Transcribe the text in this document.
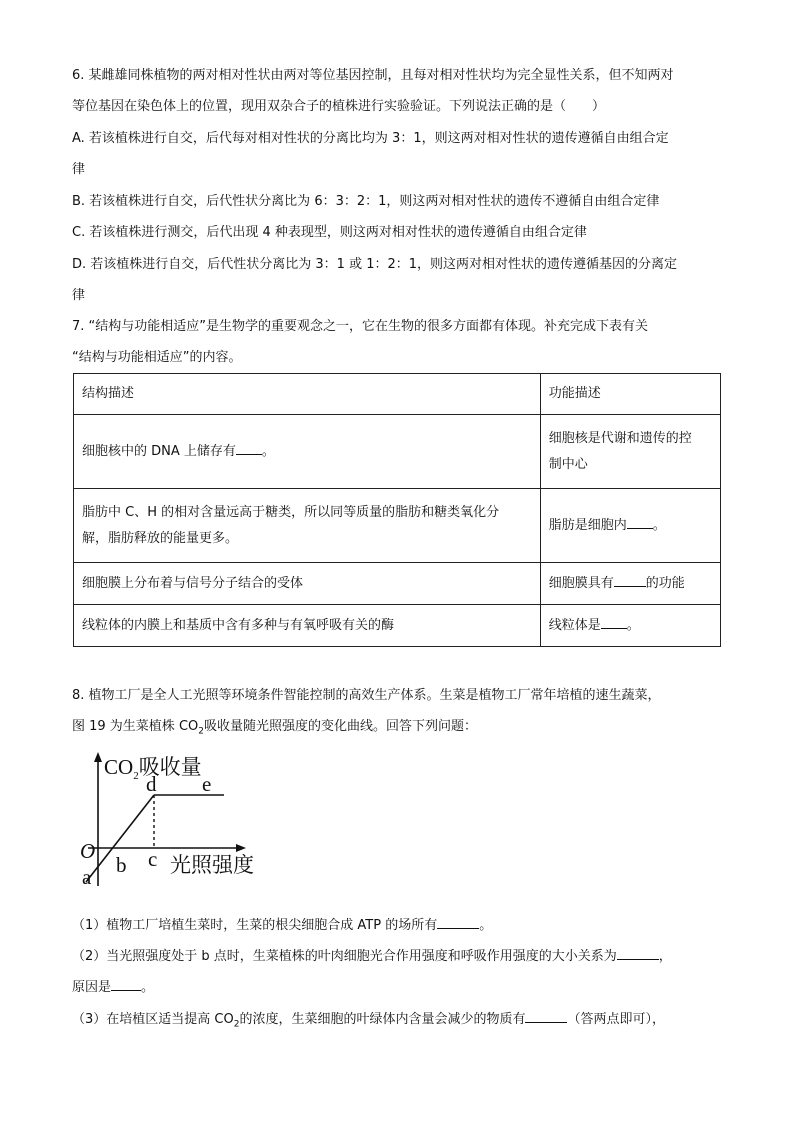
6. 某雌雄同株植物的两对相对性状由两对等位基因控制，且每对相对性状均为完全显性关系，但不知两对
等位基因在染色体上的位置，现用双杂合子的植株进行实验验证。下列说法正确的是（　　）
A. 若该植株进行自交，后代每对相对性状的分离比均为 3：1，则这两对相对性状的遗传遵循自由组合定
律
B. 若该植株进行自交，后代性状分离比为 6：3：2：1，则这两对相对性状的遗传不遵循自由组合定律
C. 若该植株进行测交，后代出现 4 种表现型，则这两对相对性状的遗传遵循自由组合定律
D. 若该植株进行自交，后代性状分离比为 3：1 或 1：2：1，则这两对相对性状的遗传遵循基因的分离定
律
7. “结构与功能相适应”是生物学的重要观念之一，它在生物的很多方面都有体现。补充完成下表有关
“结构与功能相适应”的内容。
结构描述	功能描述
细胞核中的 DNA 上储存有 。	细胞核是代谢和遗传的控
制中心

脂肪中 C、H 的相对含量远高于糖类，所以同等质量的脂肪和糖类氧化分
解，脂肪释放的能量更多。	脂肪是细胞内 。
细胞膜上分布着与信号分子结合的受体	细胞膜具有 的功能
线粒体的内膜上和基质中含有多种与有氧呼吸有关的酶	线粒体是 。
8. 植物工厂是全人工光照等环境条件智能控制的高效生产体系。生菜是植物工厂常年培植的速生蔬菜，
图 19 为生菜植株 $CO_2$吸收量随光照强度的变化曲线。回答下列问题：
$CO_2$吸收量
d e
O
a b c 光照强度
（1）植物工厂培植生菜时，生菜的根尖细胞合成 ATP 的场所有	。
（2）当光照强度处于 b 点时，生菜植株的叶肉细胞光合作用强度和呼吸作用强度的大小关系为	，
原因是 。
（3）在培植区适当提高 $CO_2$的浓度，生菜细胞的叶绿体内含量会减少的物质有	（答两点即可），
